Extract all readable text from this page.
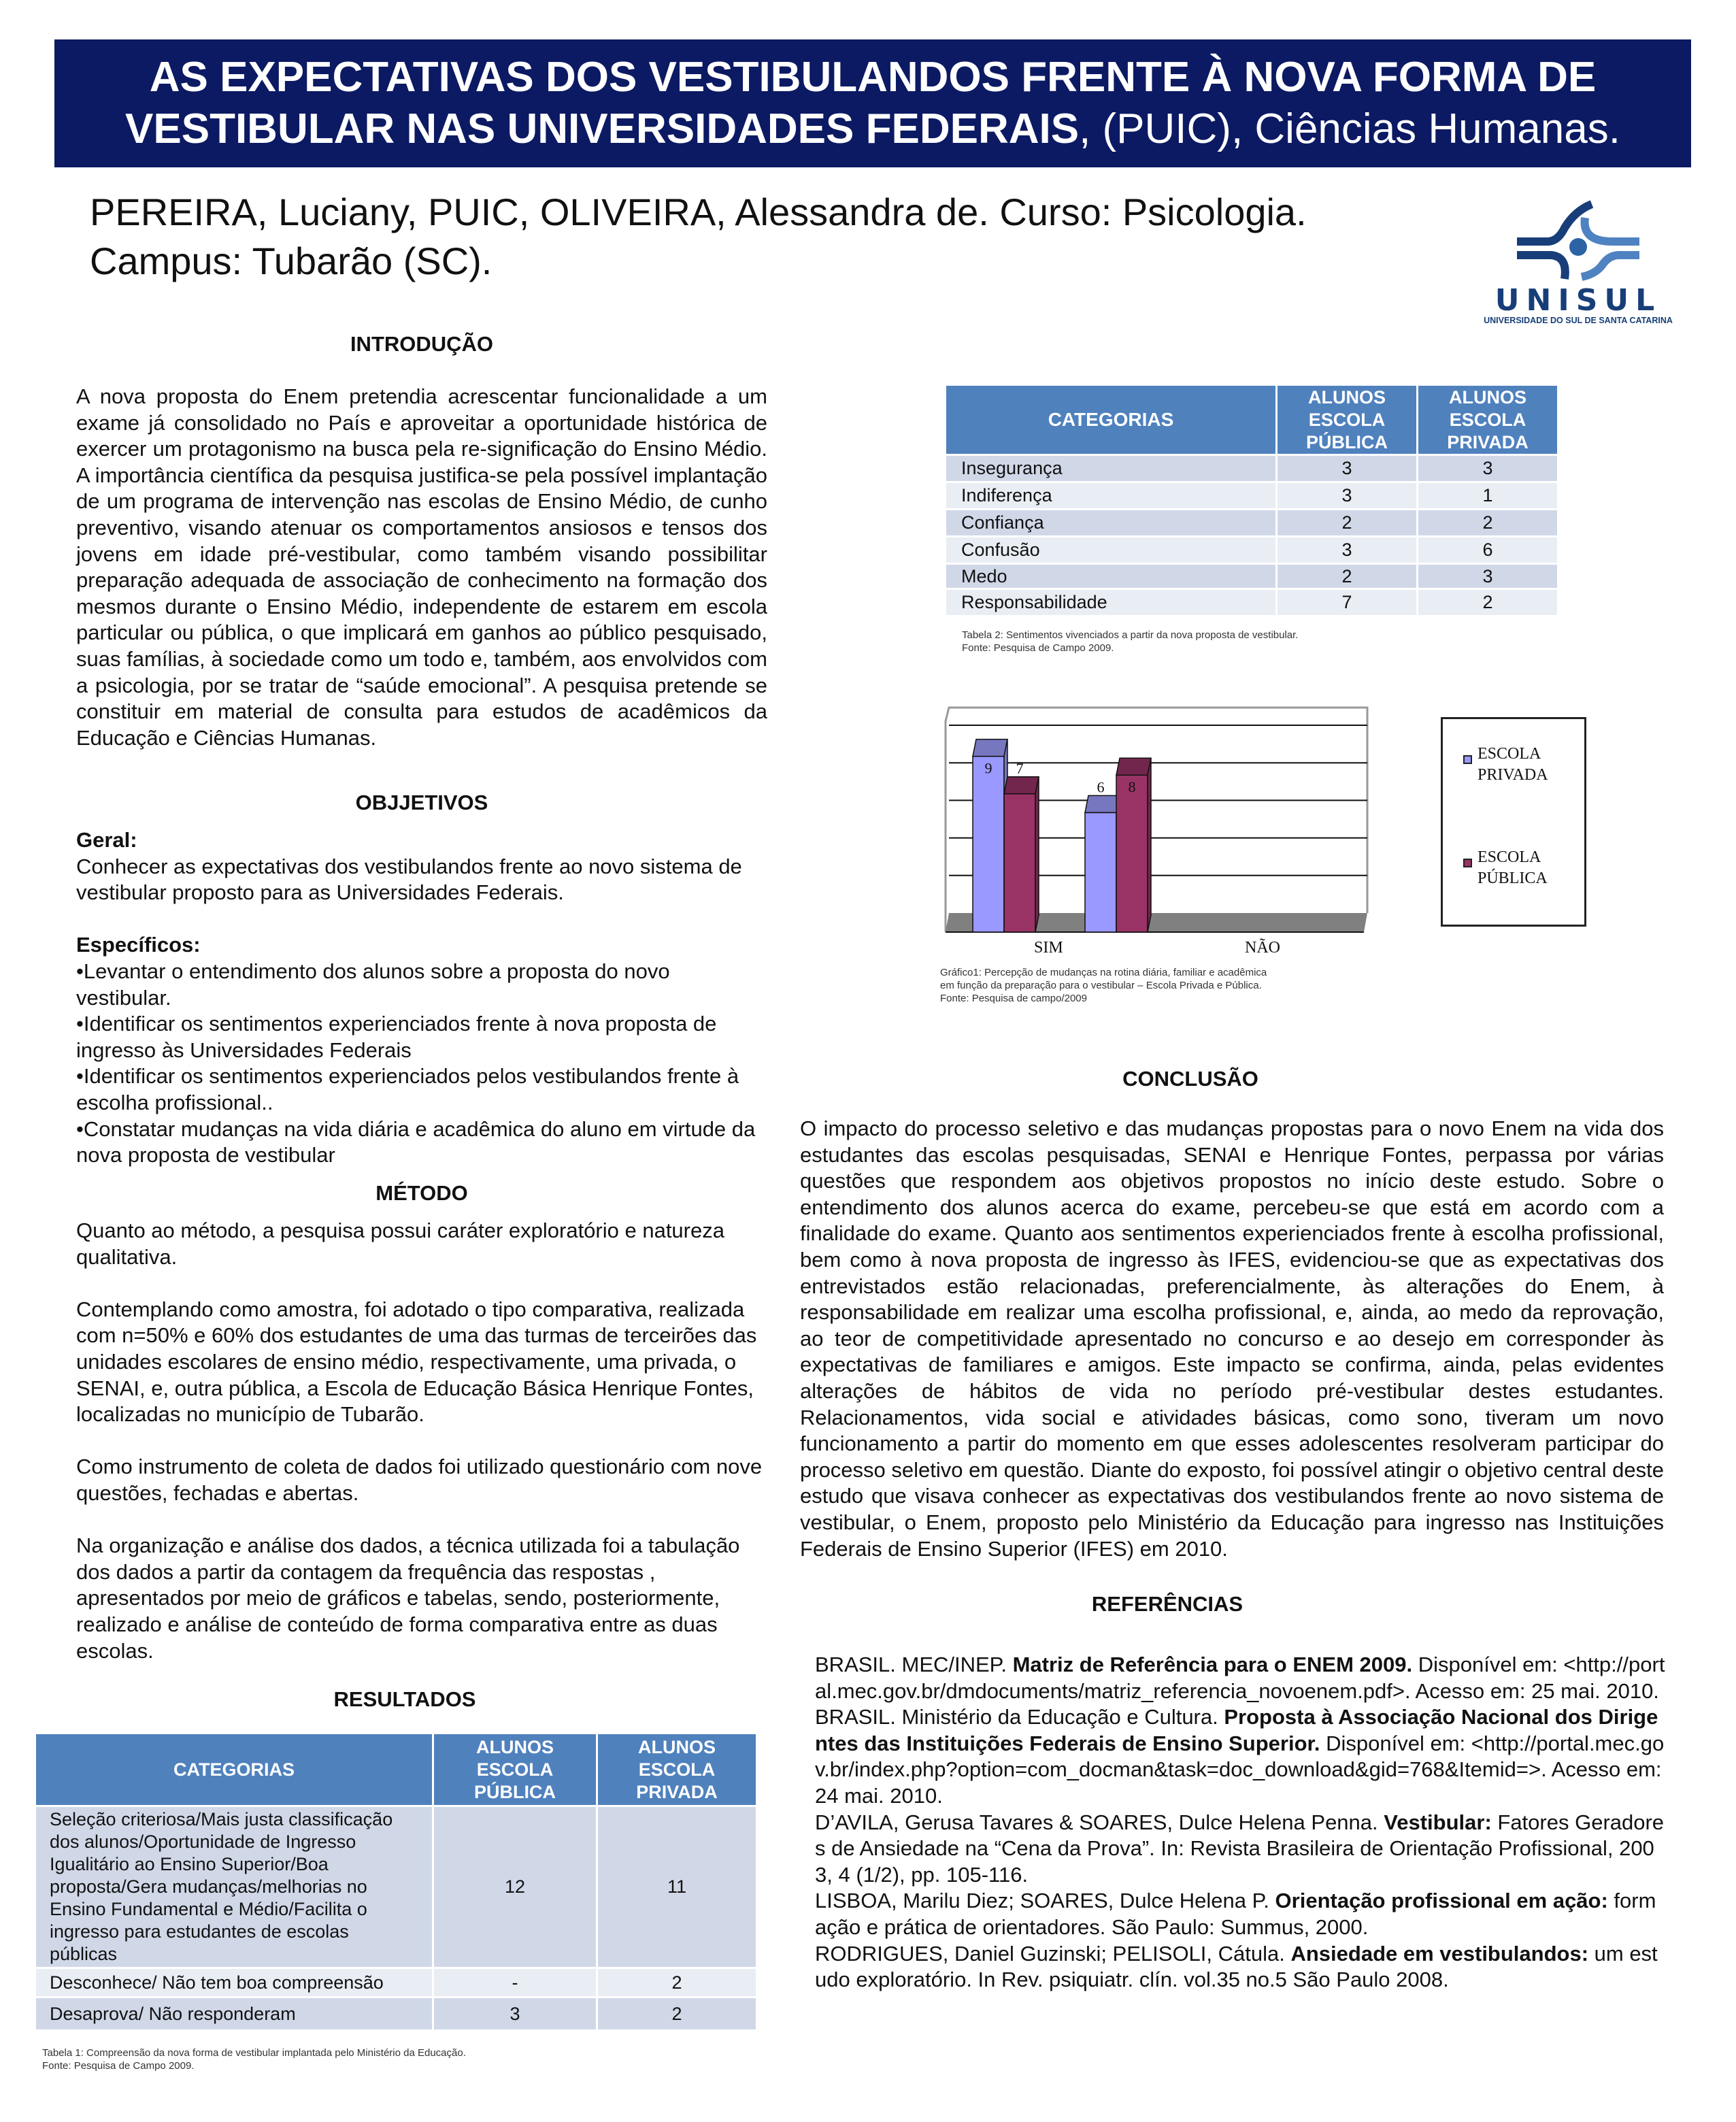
AS EXPECTATIVAS DOS VESTIBULANDOS FRENTE À NOVA FORMA DE VESTIBULAR NAS UNIVERSIDADES FEDERAIS, (PUIC), Ciências Humanas.
PEREIRA, Luciany, PUIC, OLIVEIRA, Alessandra de. Curso: Psicologia.
Campus: Tubarão (SC).
UNISUL
UNIVERSIDADE DO SUL DE SANTA CATARINA
INTRODUÇÃO
A nova proposta do Enem pretendia acrescentar funcionalidade a um exame já consolidado no País e aproveitar a oportunidade histórica de exercer um protagonismo na busca pela re-significação do Ensino Médio. A importância científica da pesquisa justifica-se pela possível implantação de um programa de intervenção nas escolas de Ensino Médio, de cunho preventivo, visando atenuar os comportamentos ansiosos e tensos dos jovens em idade pré-vestibular, como também visando possibilitar preparação adequada de associação de conhecimento na formação dos mesmos durante o Ensino Médio, independente de estarem em escola particular ou pública, o que implicará em ganhos ao público pesquisado, suas famílias, à sociedade como um todo e, também, aos envolvidos com a psicologia, por se tratar de “saúde emocional”. A pesquisa pretende se constituir em material de consulta para estudos de acadêmicos da Educação e Ciências Humanas.
OBJJETIVOS
Geral:
Conhecer as expectativas dos vestibulandos frente ao novo sistema de vestibular proposto para as Universidades Federais.
Específicos:
•Levantar o entendimento dos alunos sobre a proposta do novo vestibular.
•Identificar os sentimentos experienciados frente à nova proposta de ingresso às Universidades Federais
•Identificar os sentimentos experienciados pelos vestibulandos frente à escolha profissional..
•Constatar mudanças na vida diária e acadêmica do aluno em virtude da nova proposta de vestibular
MÉTODO
Quanto ao método, a pesquisa possui caráter exploratório e natureza qualitativa.
Contemplando como amostra, foi adotado o tipo comparativa, realizada com n=50% e 60% dos estudantes de uma das turmas de terceirões das unidades escolares de ensino médio, respectivamente, uma privada, o SENAI, e, outra pública, a Escola de Educação Básica Henrique Fontes, localizadas no município de Tubarão.
Como instrumento de coleta de dados foi utilizado questionário com nove questões, fechadas e abertas.
Na organização e análise dos dados, a técnica utilizada foi a tabulação dos dados a partir da contagem da frequência das respostas , apresentados por meio de gráficos e tabelas, sendo, posteriormente, realizado e análise de conteúdo de forma comparativa entre as duas escolas.
RESULTADOS
CATEGORIAS	ALUNOS ESCOLA PÚBLICA	ALUNOS ESCOLA PRIVADA
Seleção criteriosa/Mais justa classificação dos alunos/Oportunidade de Ingresso Igualitário ao Ensino Superior/Boa proposta/Gera mudanças/melhorias no Ensino Fundamental e Médio/Facilita o ingresso para estudantes de escolas públicas	12	11
Desconhece/ Não tem boa compreensão	-	2
Desaprova/ Não responderam	3	2
Tabela 1: Compreensão da nova forma de vestibular implantada pelo Ministério da Educação.
Fonte: Pesquisa de Campo 2009.
CATEGORIAS	ALUNOS ESCOLA PÚBLICA	ALUNOS ESCOLA PRIVADA
Insegurança	3	3
Indiferença	3	1
Confiança	2	2
Confusão	3	6
Medo	2	3
Responsabilidade	7	2
9 7
6 8
SIM	NÃO
ESCOLA PRIVADA
ESCOLA PÚBLICA
Gráfico1: Percepção de mudanças na rotina diária, familiar e acadêmica
em função da preparação para o vestibular – Escola Privada e Pública.
Fonte: Pesquisa de campo/2009
CONCLUSÃO
O impacto do processo seletivo e das mudanças propostas para o novo Enem na vida dos estudantes das escolas pesquisadas, SENAI e Henrique Fontes, perpassa por várias questões que respondem aos objetivos propostos no início deste estudo. Sobre o entendimento dos alunos acerca do exame, percebeu-se que está em acordo com a finalidade do exame. Quanto aos sentimentos experienciados frente à escolha profissional, bem como à nova proposta de ingresso às IFES, evidenciou-se que as expectativas dos entrevistados estão relacionadas, preferencialmente, às alterações do Enem, à responsabilidade em realizar uma escolha profissional, e, ainda, ao medo da reprovação, ao teor de competitividade apresentado no concurso e ao desejo em corresponder às expectativas de familiares e amigos. Este impacto se confirma, ainda, pelas evidentes alterações de hábitos de vida no período pré-vestibular destes estudantes. Relacionamentos, vida social e atividades básicas, como sono, tiveram um novo funcionamento a partir do momento em que esses adolescentes resolveram participar do processo seletivo em questão. Diante do exposto, foi possível atingir o objetivo central deste estudo que visava conhecer as expectativas dos vestibulandos frente ao novo sistema de vestibular, o Enem, proposto pelo Ministério da Educação para ingresso nas Instituições Federais de Ensino Superior (IFES) em 2010.
REFERÊNCIAS
BRASIL. MEC/INEP. Matriz de Referência para o ENEM 2009. Disponível em: <http://portal.mec.gov.br/dmdocuments/matriz_referencia_novoenem.pdf>. Acesso em: 25 mai. 2010.
BRASIL. Ministério da Educação e Cultura. Proposta à Associação Nacional dos Dirigentes das Instituições Federais de Ensino Superior. Disponível em: <http://portal.mec.gov.br/index.php?option=com_docman&task=doc_download&gid=768&Itemid=>. Acesso em: 24 mai. 2010.
D’AVILA, Gerusa Tavares & SOARES, Dulce Helena Penna. Vestibular: Fatores Geradores de Ansiedade na “Cena da Prova”. In: Revista Brasileira de Orientação Profissional, 2003, 4 (1/2), pp. 105-116.
LISBOA, Marilu Diez; SOARES, Dulce Helena P. Orientação profissional em ação: formação e prática de orientadores. São Paulo: Summus, 2000.
RODRIGUES, Daniel Guzinski; PELISOLI, Cátula. Ansiedade em vestibulandos: um estudo exploratório. In Rev. psiquiatr. clín. vol.35 no.5 São Paulo 2008.
Tabela 2: Sentimentos vivenciados a partir da nova proposta de vestibular.
Fonte: Pesquisa de Campo 2009.
